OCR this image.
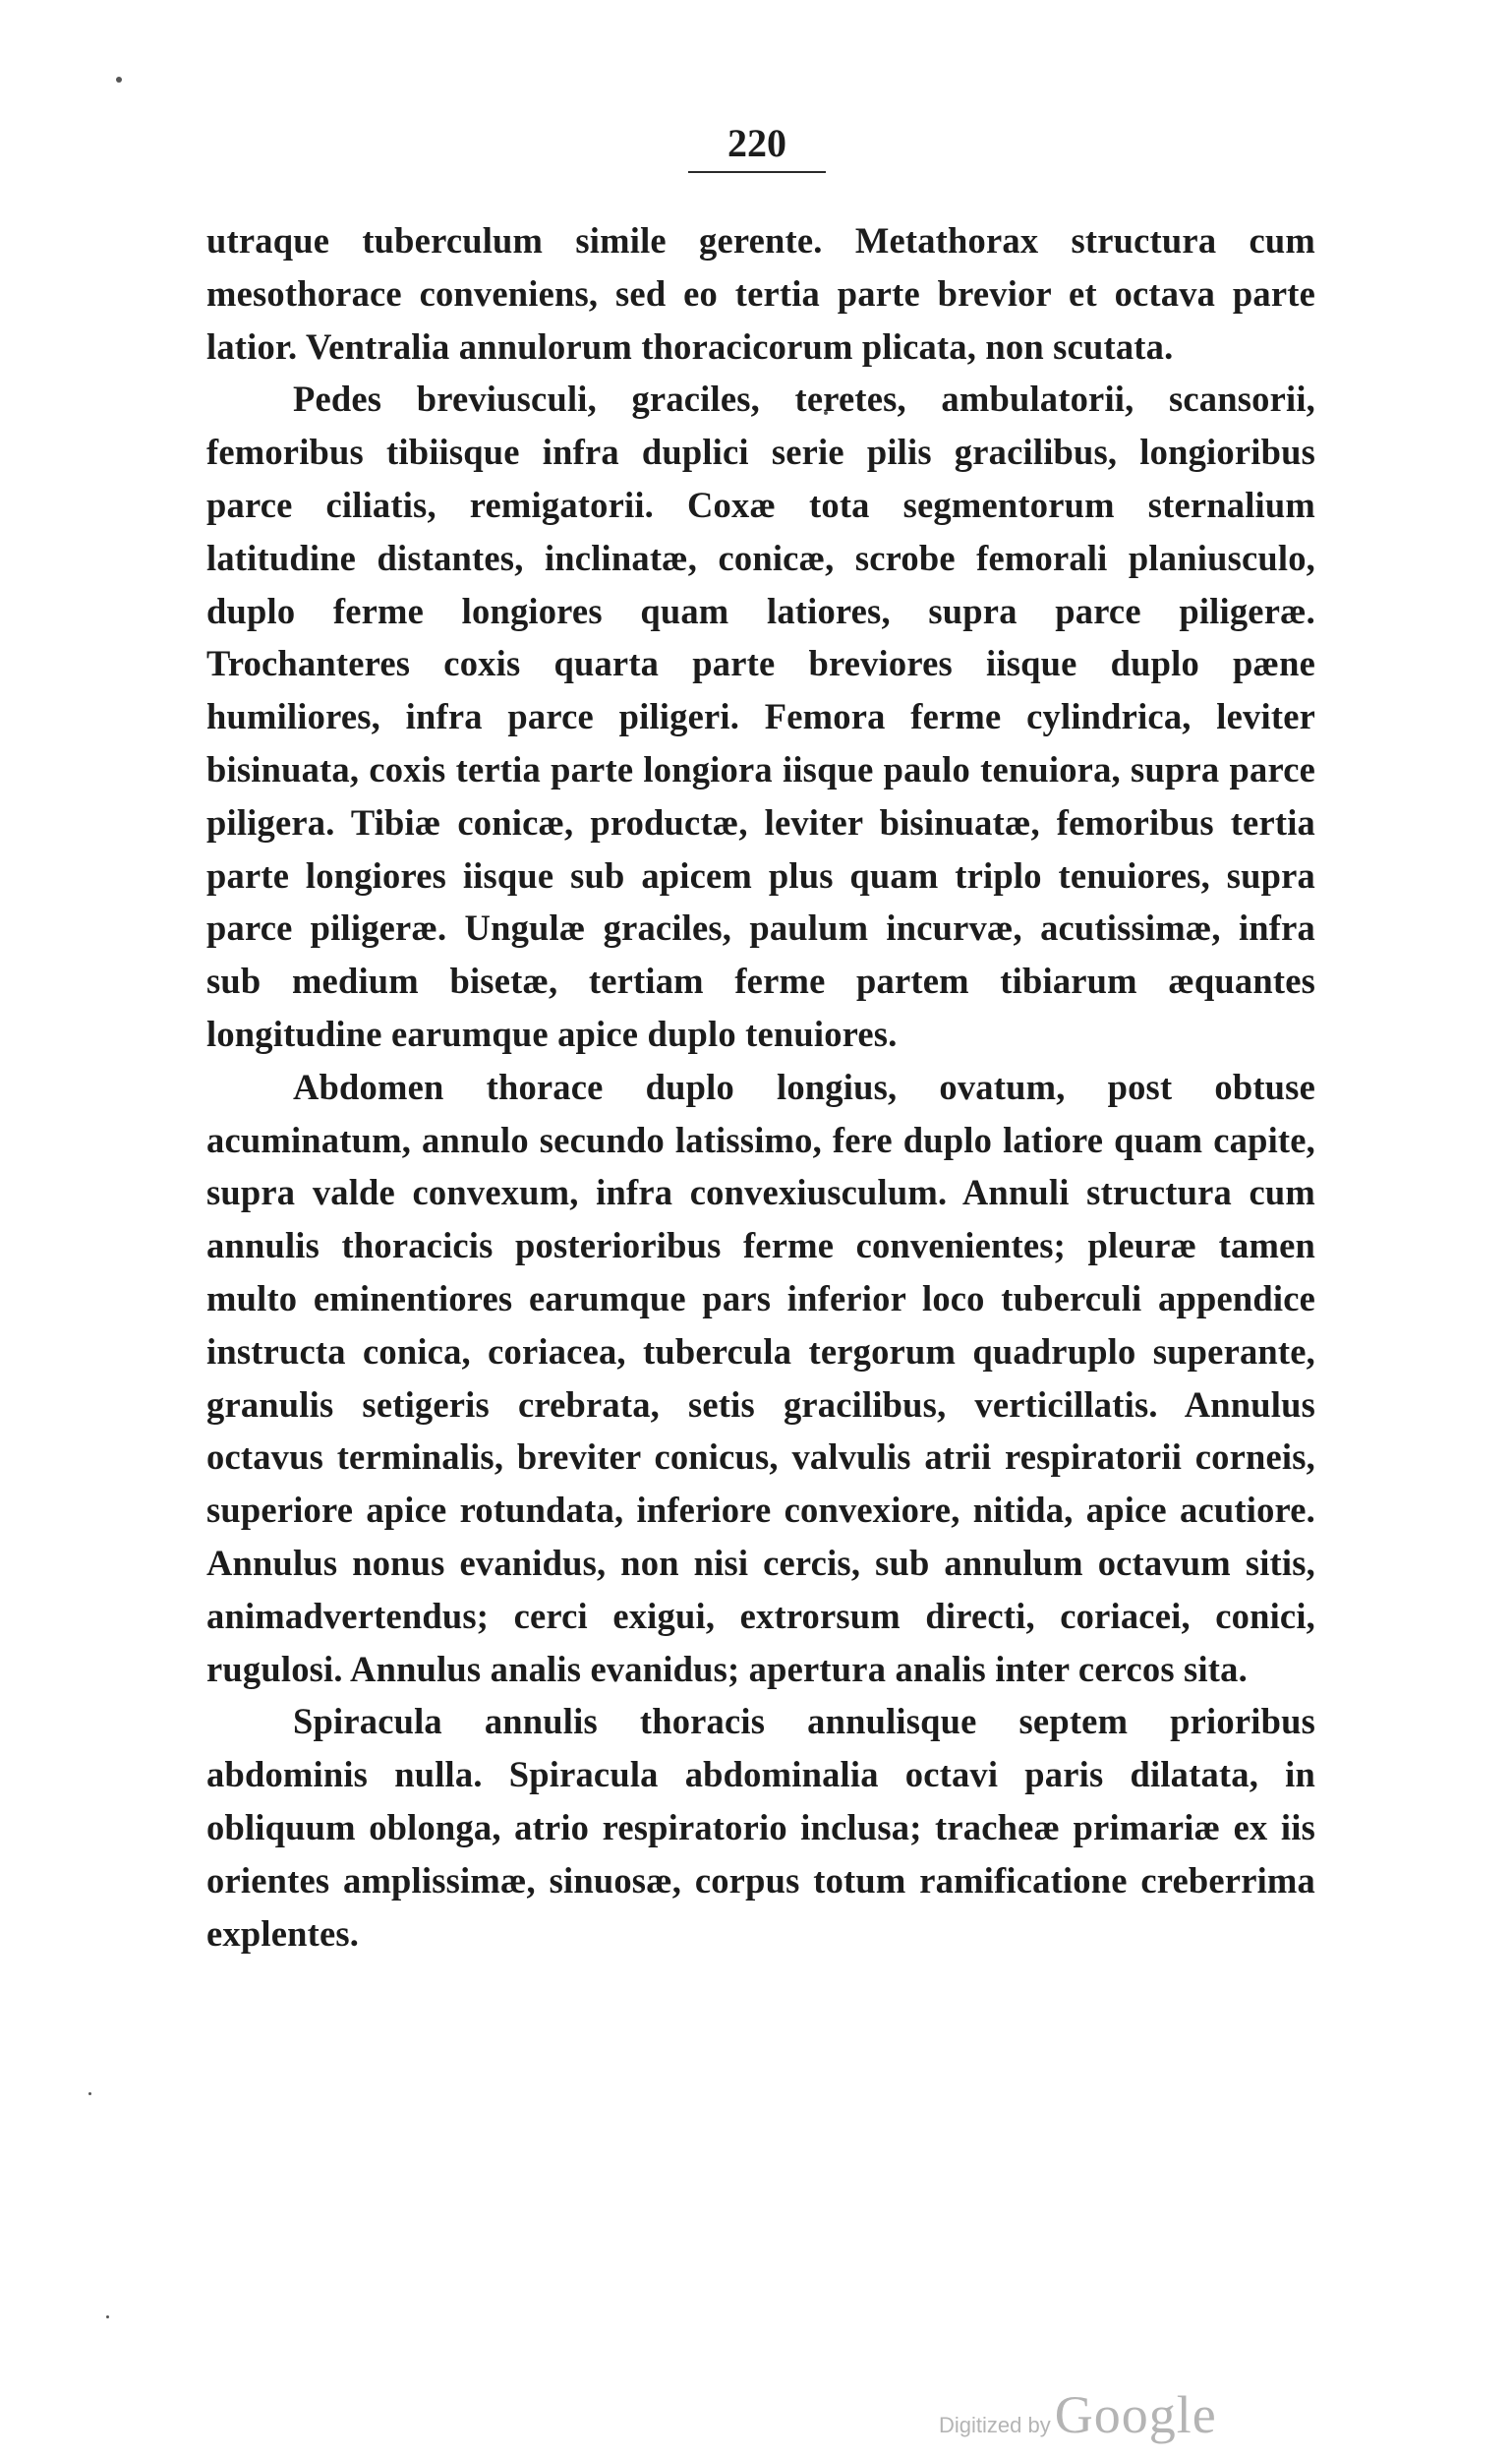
220

utraque tuberculum simile gerente. Metathorax structura cum mesothorace conveniens, sed eo tertia parte brevior et octava parte latior. Ventralia annulorum thoracicorum plicata, non scutata.

Pedes breviusculi, graciles, teretes, ambulatorii, scansorii, femoribus tibiisque infra duplici serie pilis gracilibus, longioribus parce ciliatis, remigatorii. Coxæ tota segmentorum sternalium latitudine distantes, inclinatæ, conicæ, scrobe femorali planiusculo, duplo ferme longiores quam latiores, supra parce piligeræ. Trochanteres coxis quarta parte breviores iisque duplo pæne humiliores, infra parce piligeri. Femora ferme cylindrica, leviter bisinuata, coxis tertia parte longiora iisque paulo tenuiora, supra parce piligera. Tibiæ conicæ, productæ, leviter bisinuatæ, femoribus tertia parte longiores iisque sub apicem plus quam triplo tenuiores, supra parce piligeræ. Ungulæ graciles, paulum incurvæ, acutissimæ, infra sub medium bisetæ, tertiam ferme partem tibiarum æquantes longitudine earumque apice duplo tenuiores.

Abdomen thorace duplo longius, ovatum, post obtuse acuminatum, annulo secundo latissimo, fere duplo latiore quam capite, supra valde convexum, infra convexiusculum. Annuli structura cum annulis thoracicis posterioribus ferme convenientes; pleuræ tamen multo eminentiores earumque pars inferior loco tuberculi appendice instructa conica, coriacea, tubercula tergorum quadruplo superante, granulis setigeris crebrata, setis gracilibus, verticillatis. Annulus octavus terminalis, breviter conicus, valvulis atrii respiratorii corneis, superiore apice rotundata, inferiore convexiore, nitida, apice acutiore. Annulus nonus evanidus, non nisi cercis, sub annulum octavum sitis, animadvertendus; cerci exigui, extrorsum directi, coriacei, conici, rugulosi. Annulus analis evanidus; apertura analis inter cercos sita.

Spiracula annulis thoracis annulisque septem prioribus abdominis nulla. Spiracula abdominalia octavi paris dilatata, in obliquum oblonga, atrio respiratorio inclusa; tracheæ primariæ ex iis orientes amplissimæ, sinuosæ, corpus totum ramificatione creberrima explentes.

Digitized by Google
